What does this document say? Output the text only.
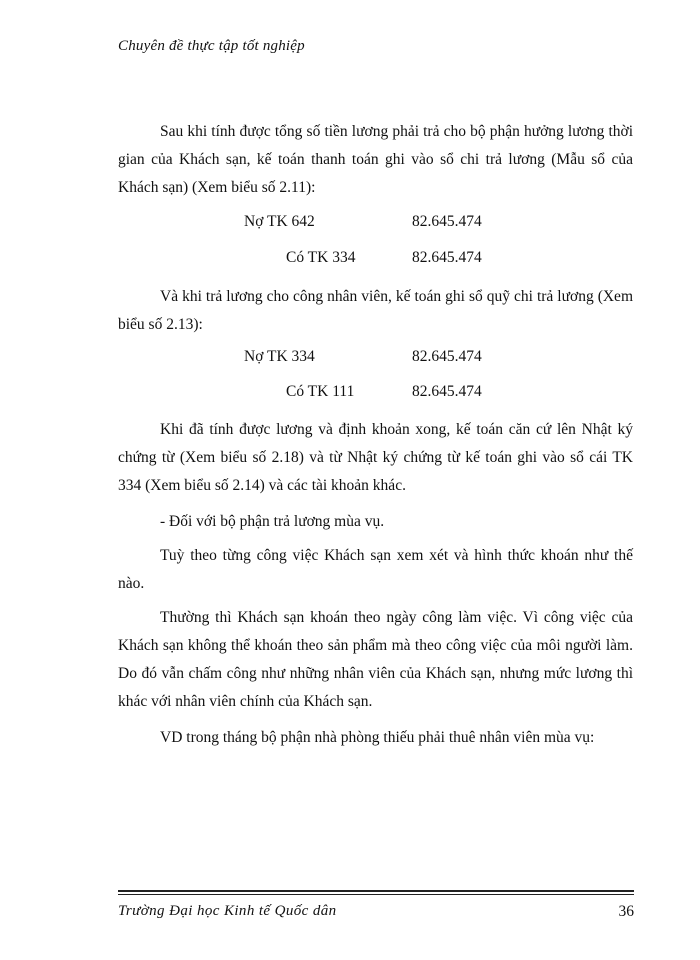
Chuyên đề thực tập tốt nghiệp
Sau khi tính được tổng số tiền lương phải trả cho bộ phận hưởng lương thời gian của Khách sạn, kế toán thanh toán ghi vào sổ chi trả lương (Mẫu sổ của Khách sạn) (Xem biểu số 2.11):
Nợ TK 642	82.645.474
Có TK 334	82.645.474
Và khi trả lương cho công nhân viên, kế toán ghi sổ quỹ chi trả lương (Xem biểu số 2.13):
Nợ TK 334	82.645.474
Có TK 111	82.645.474
Khi đã tính được lương và định khoản xong, kế toán căn cứ lên Nhật ký chứng từ (Xem biểu số 2.18) và từ Nhật ký chứng từ kế toán ghi vào sổ cái TK 334 (Xem biểu số 2.14) và các tài khoản khác.
- Đối với bộ phận trả lương mùa vụ.
Tuỳ theo từng công việc Khách sạn xem xét và hình thức khoán như thế nào.
Thường thì Khách sạn khoán theo ngày công làm việc. Vì công việc của Khách sạn không thể khoán theo sản phẩm mà theo công việc của môi người làm. Do đó vẫn chấm công như những nhân viên của Khách sạn, nhưng mức lương thì khác với nhân viên chính của Khách sạn.
VD trong tháng bộ phận nhà phòng thiếu phải thuê nhân viên mùa vụ:
Trường Đại học Kinh tế Quốc dân	36
